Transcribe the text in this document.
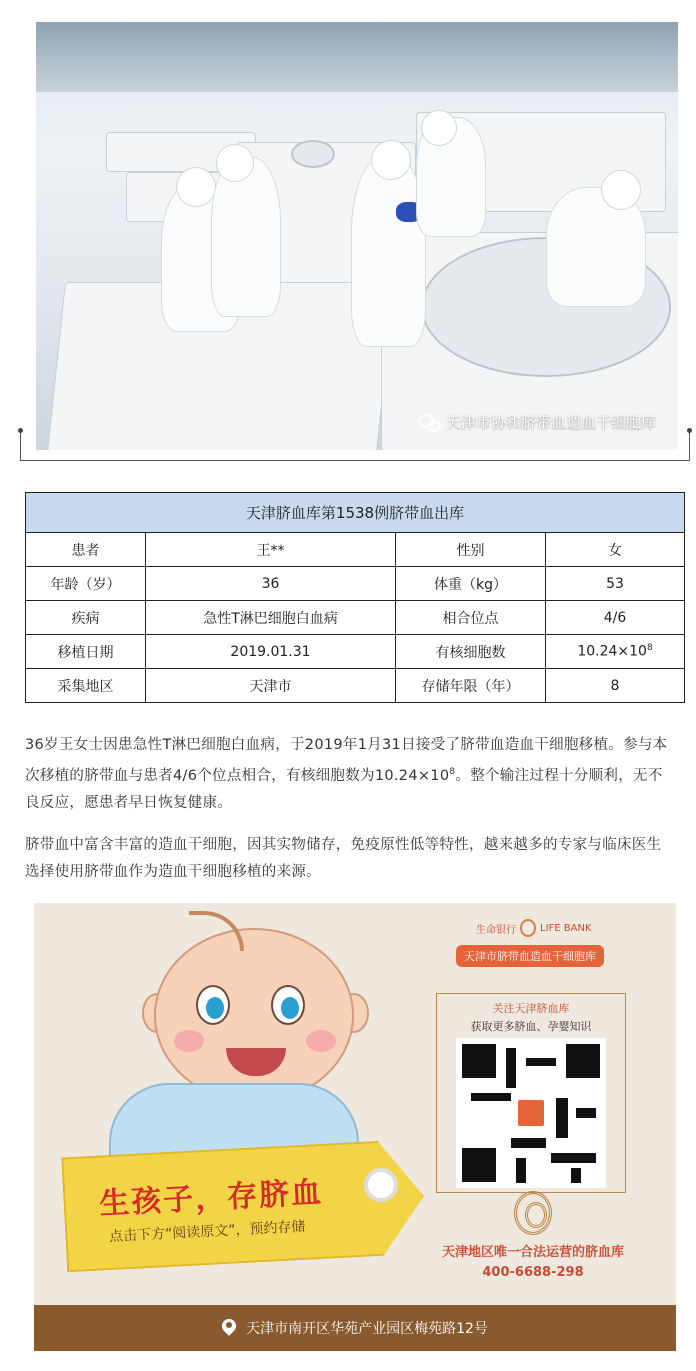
天津市协和脐带血造血干细胞库
天津脐血库第1538例脐带血出库			
患者	王**	性别	女
年龄（岁）	36	体重（kg）	53
疾病	急性T淋巴细胞白血病	相合位点	4/6
移植日期	2019.01.31	有核细胞数	$10.24\times 10^8$
采集地区	天津市	存储年限（年）	8
36岁王女士因患急性T淋巴细胞白血病，于2019年1月31日接受了脐带血造血干细胞移植。参与本次移植的脐带血与患者4/6个位点相合，有核细胞数为$10.24\times 10^8$。整个输注过程十分顺利，无不良反应，愿患者早日恢复健康。
脐带血中富含丰富的造血干细胞，因其实物储存，免疫原性低等特性，越来越多的专家与临床医生选择使用脐带血作为造血干细胞移植的来源。
生孩子，存脐血
点击下方“阅读原文”，预约存储
生命银行 LIFE BANK
天津市脐带血造血干细胞库
关注天津脐血库
获取更多脐血、孕婴知识
天津地区唯一合法运营的脐血库
400-6688-298
天津市南开区华苑产业园区梅苑路12号
